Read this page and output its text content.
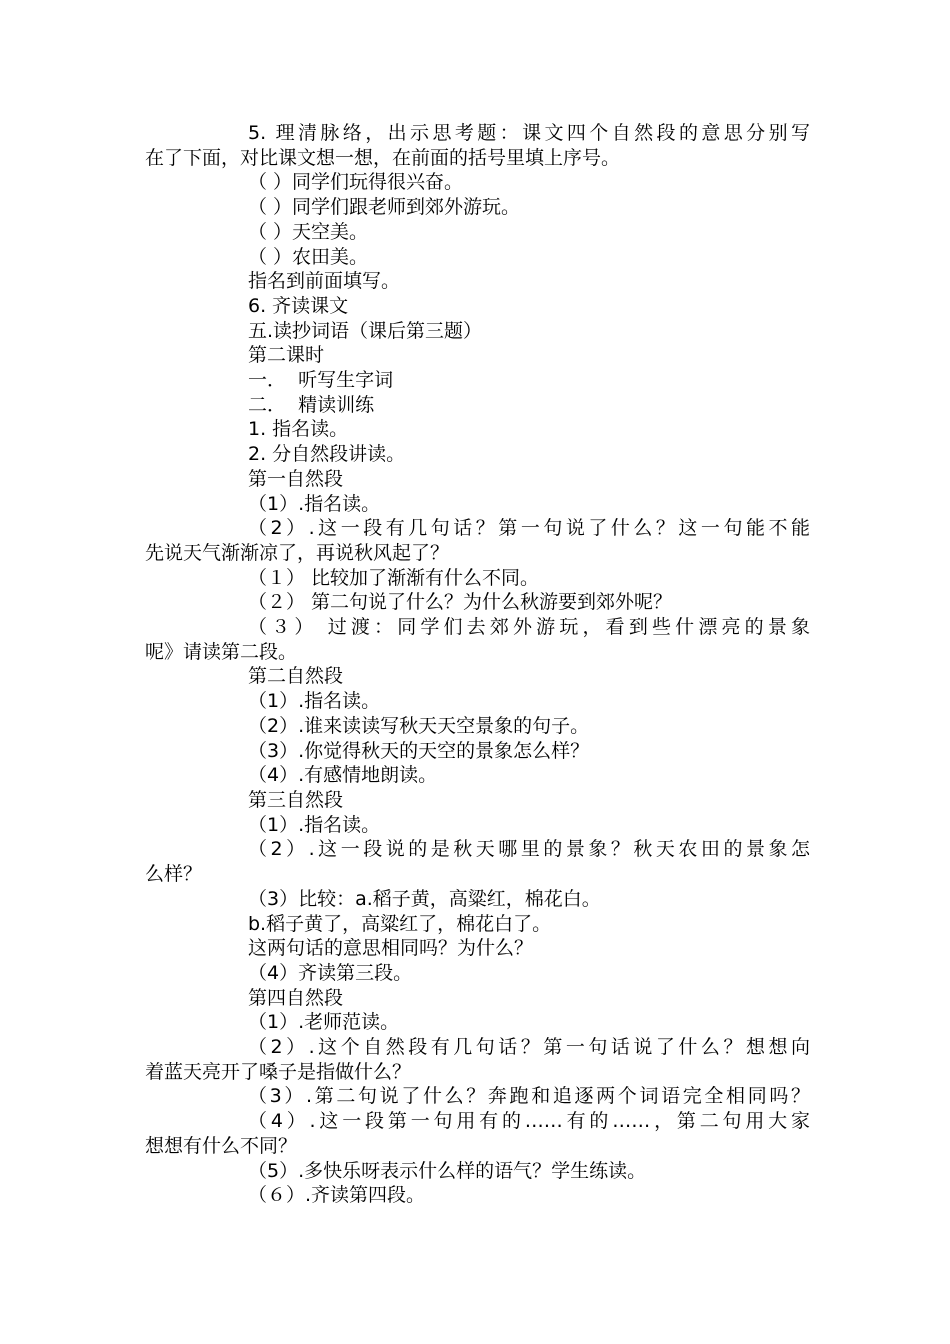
5. 理清脉络，出示思考题：课文四个自然段的意思分别写

在了下面，对比课文想一想，在前面的括号里填上序号。

（ ）同学们玩得很兴奋。

（ ）同学们跟老师到郊外游玩。

（ ）天空美。

（ ）农田美。

指名到前面填写。

6. 齐读课文

五.读抄词语（课后第三题）

第二课时

一．  听写生字词

二．  精读训练

1. 指名读。

2. 分自然段讲读。

第一自然段

（1）.指名读。

（2）.这一段有几句话？第一句说了什么？这一句能不能

先说天气渐渐凉了，再说秋风起了？

（１） 比较加了渐渐有什么不同。

（２） 第二句说了什么？为什么秋游要到郊外呢？

（３） 过渡：同学们去郊外游玩，看到些什漂亮的景象

呢》请读第二段。

第二自然段

（1）.指名读。

（2）.谁来读读写秋天天空景象的句子。

（3）.你觉得秋天的天空的景象怎么样？

（4）.有感情地朗读。

第三自然段

（1）.指名读。

（2）.这一段说的是秋天哪里的景象？秋天农田的景象怎

么样？

（3）比较：a.稻子黄，高粱红，棉花白。

b.稻子黄了，高粱红了，棉花白了。

这两句话的意思相同吗？为什么？

（4）齐读第三段。

第四自然段

（1）.老师范读。

（2）.这个自然段有几句话？第一句话说了什么？想想向

着蓝天亮开了嗓子是指做什么？

（3）.第二句说了什么？奔跑和追逐两个词语完全相同吗？

（4）.这一段第一句用有的……有的……，第二句用大家

想想有什么不同？

（5）.多快乐呀表示什么样的语气？学生练读。

（６）.齐读第四段。
